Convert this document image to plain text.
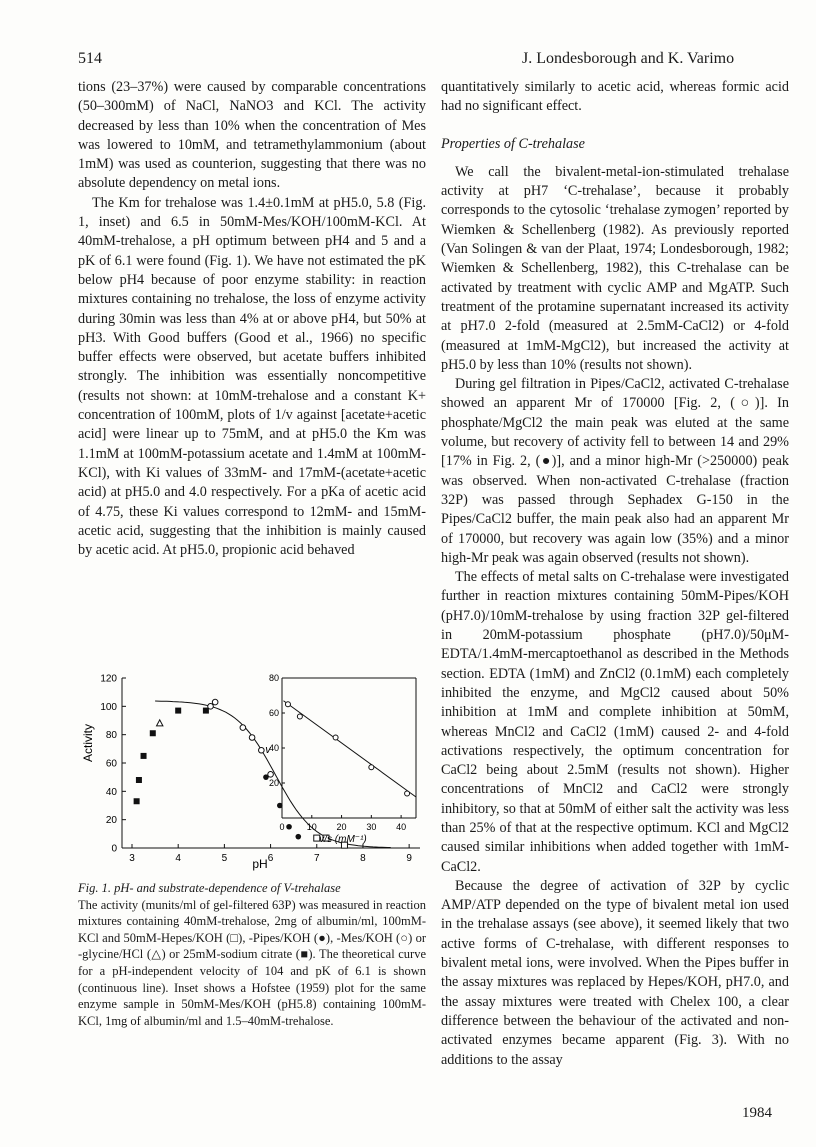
514	J. Londesborough and K. Varimo

tions (23–37%) were caused by comparable concentrations (50–300mM) of NaCl, NaNO3 and KCl. The activity decreased by less than 10% when the concentration of Mes was lowered to 10mM, and tetramethylammonium (about 1mM) was used as counterion, suggesting that there was no absolute dependency on metal ions.

The Km for trehalose was 1.4±0.1mM at pH5.0, 5.8 (Fig. 1, inset) and 6.5 in 50mM-Mes/KOH/100mM-KCl. At 40mM-trehalose, a pH optimum between pH4 and 5 and a pK of 6.1 were found (Fig. 1). We have not estimated the pK below pH4 because of poor enzyme stability: in reaction mixtures containing no trehalose, the loss of enzyme activity during 30min was less than 4% at or above pH4, but 50% at pH3. With Good buffers (Good et al., 1966) no specific buffer effects were observed, but acetate buffers inhibited strongly. The inhibition was essentially noncompetitive (results not shown: at 10mM-trehalose and a constant K+ concentration of 100mM, plots of 1/v against [acetate+acetic acid] were linear up to 75mM, and at pH5.0 the Km was 1.1mM at 100mM-potassium acetate and 1.4mM at 100mM-KCl), with Ki values of 33mM- and 17mM-(acetate+acetic acid) at pH5.0 and 4.0 respectively. For a pKa of acetic acid of 4.75, these Ki values correspond to 12mM- and 15mM-acetic acid, suggesting that the inhibition is mainly caused by acetic acid. At pH5.0, propionic acid behaved

quantitatively similarly to acetic acid, whereas formic acid had no significant effect.

Properties of C-trehalase

We call the bivalent-metal-ion-stimulated trehalase activity at pH7 ‘C-trehalase’, because it probably corresponds to the cytosolic ‘trehalase zymogen’ reported by Wiemken & Schellenberg (1982). As previously reported (Van Solingen & van der Plaat, 1974; Londesborough, 1982; Wiemken & Schellenberg, 1982), this C-trehalase can be activated by treatment with cyclic AMP and MgATP. Such treatment of the protamine supernatant increased its activity at pH7.0 2-fold (measured at 2.5mM-CaCl2) or 4-fold (measured at 1mM-MgCl2), but increased the activity at pH5.0 by less than 10% (results not shown).

During gel filtration in Pipes/CaCl2, activated C-trehalase showed an apparent Mr of 170000 [Fig. 2, (○)]. In phosphate/MgCl2 the main peak was eluted at the same volume, but recovery of activity fell to between 14 and 29% [17% in Fig. 2, (●)], and a minor high-Mr (>250000) peak was observed. When non-activated C-trehalase (fraction 32P) was passed through Sephadex G-150 in the Pipes/CaCl2 buffer, the main peak also had an apparent Mr of 170000, but recovery was again low (35%) and a minor high-Mr peak was again observed (results not shown).

The effects of metal salts on C-trehalase were investigated further in reaction mixtures containing 50mM-Pipes/KOH (pH7.0)/10mM-trehalose by using fraction 32P gel-filtered in 20mM-potassium phosphate (pH7.0)/50μM-EDTA/1.4mM-mercaptoethanol as described in the Methods section. EDTA (1mM) and ZnCl2 (0.1mM) each completely inhibited the enzyme, and MgCl2 caused about 50% inhibition at 1mM and complete inhibition at 50mM, whereas MnCl2 and CaCl2 (1mM) caused 2- and 4-fold activations respectively, the optimum concentration for CaCl2 being about 2.5mM (results not shown). Higher concentrations of MnCl2 and CaCl2 were strongly inhibitory, so that at 50mM of either salt the activity was less than 25% of that at the respective optimum. KCl and MgCl2 caused similar inhibitions when added together with 1mM-CaCl2.

Because the degree of activation of 32P by cyclic AMP/ATP depended on the type of bivalent metal ion used in the trehalase assays (see above), it seemed likely that two active forms of C-trehalase, with different responses to bivalent metal ions, were involved. When the Pipes buffer in the assay mixtures was replaced by Hepes/KOH, pH7.0, and the assay mixtures were treated with Chelex 100, a clear difference between the behaviour of the activated and non-activated enzymes became apparent (Fig. 3). With no additions to the assay

Activity
pH
3	4	5	6	7	8	9
0
20
40
60
80
100
120
v
v/s (mM⁻¹)
0 10 20 30 40
20
40
60
80
Fig. 1. pH- and substrate-dependence of V-trehalase
The activity (munits/ml of gel-filtered 63P) was measured in reaction mixtures containing 40mM-trehalose, 2mg of albumin/ml, 100mM-KCl and 50mM-Hepes/KOH (□), -Pipes/KOH (●), -Mes/KOH (○) or -glycine/HCl (△) or 25mM-sodium citrate (■). The theoretical curve for a pH-independent velocity of 104 and pK of 6.1 is shown (continuous line). Inset shows a Hofstee (1959) plot for the same enzyme sample in 50mM-Mes/KOH (pH5.8) containing 100mM-KCl, 1mg of albumin/ml and 1.5–40mM-trehalose.
1984
